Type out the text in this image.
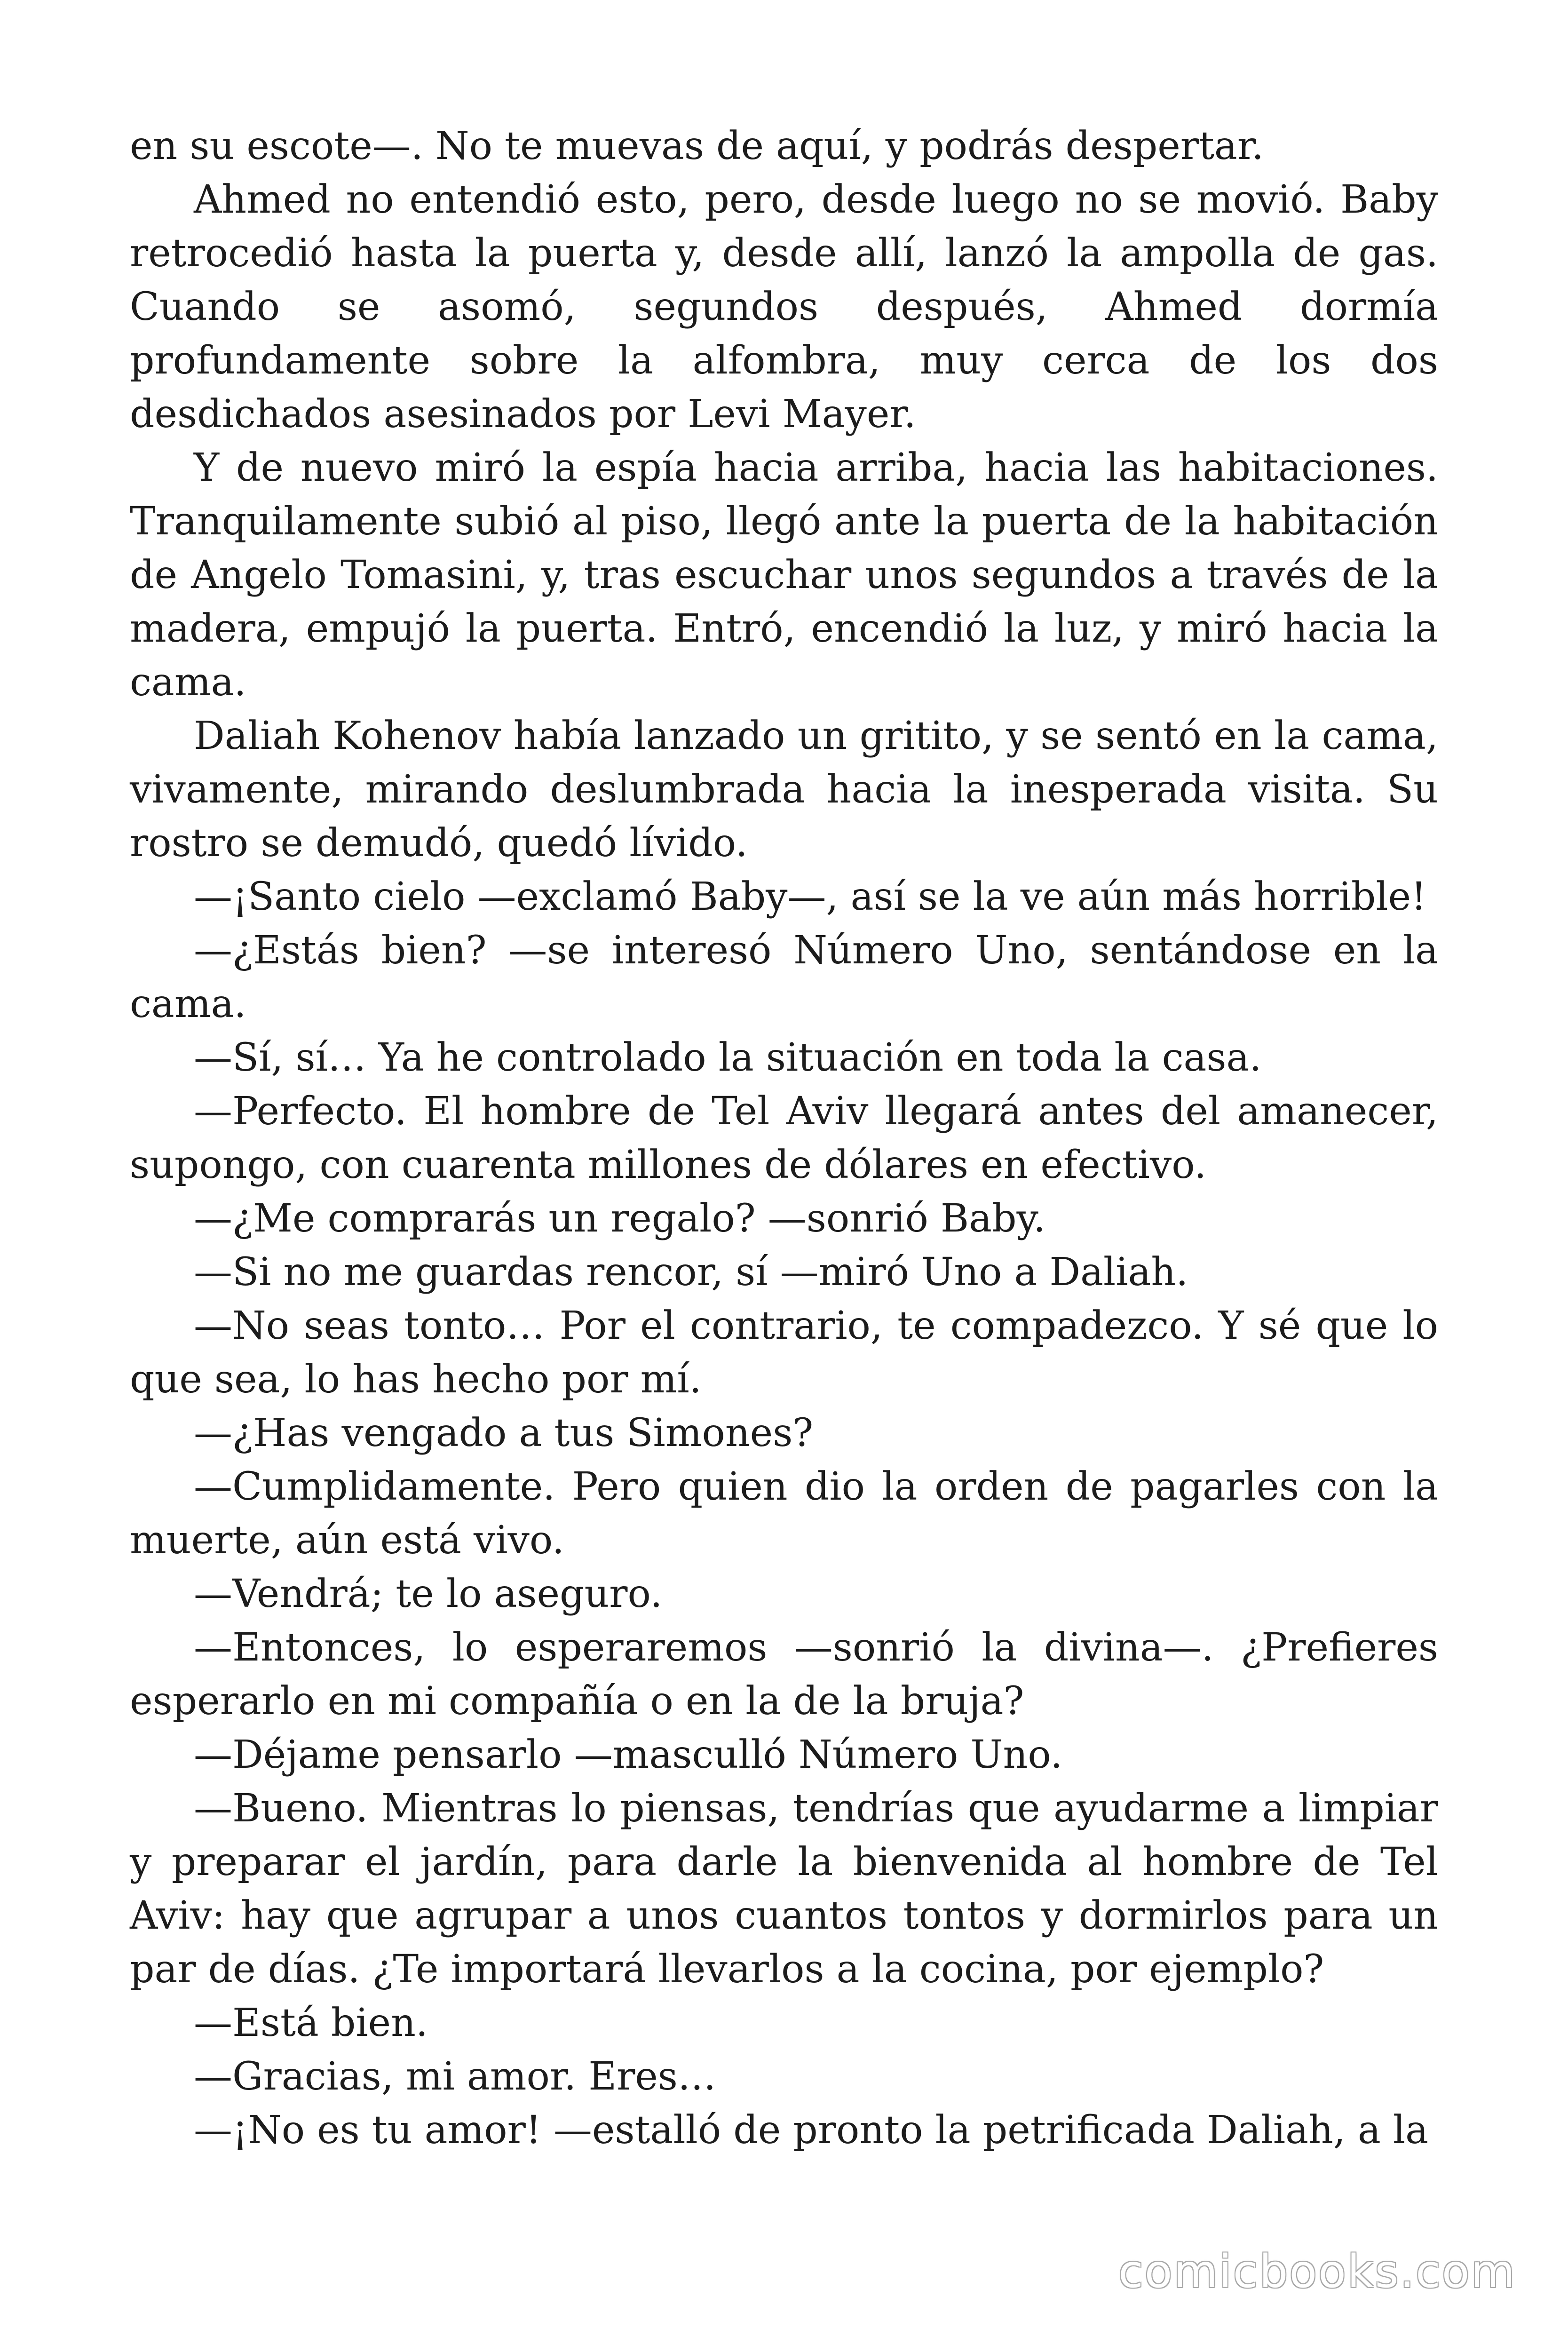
en su escote—. No te muevas de aquí, y podrás despertar.

Ahmed no entendió esto, pero, desde luego no se movió. Baby retrocedió hasta la puerta y, desde allí, lanzó la ampolla de gas. Cuando se asomó, segundos después, Ahmed dormía profundamente sobre la alfombra, muy cerca de los dos desdichados asesinados por Levi Mayer.

Y de nuevo miró la espía hacia arriba, hacia las habitaciones. Tranquilamente subió al piso, llegó ante la puerta de la habitación de Angelo Tomasini, y, tras escuchar unos segundos a través de la madera, empujó la puerta. Entró, encendió la luz, y miró hacia la cama.

Daliah Kohenov había lanzado un gritito, y se sentó en la cama, vivamente, mirando deslumbrada hacia la inesperada visita. Su rostro se demudó, quedó lívido.

—¡Santo cielo —exclamó Baby—, así se la ve aún más horrible!

—¿Estás bien? —se interesó Número Uno, sentándose en la cama.

—Sí, sí… Ya he controlado la situación en toda la casa.

—Perfecto. El hombre de Tel Aviv llegará antes del amanecer, supongo, con cuarenta millones de dólares en efectivo.

—¿Me comprarás un regalo? —sonrió Baby.

—Si no me guardas rencor, sí —miró Uno a Daliah.

—No seas tonto… Por el contrario, te compadezco. Y sé que lo que sea, lo has hecho por mí.

—¿Has vengado a tus Simones?

—Cumplidamente. Pero quien dio la orden de pagarles con la muerte, aún está vivo.

—Vendrá; te lo aseguro.

—Entonces, lo esperaremos —sonrió la divina—. ¿Prefieres esperarlo en mi compañía o en la de la bruja?

—Déjame pensarlo —masculló Número Uno.

—Bueno. Mientras lo piensas, tendrías que ayudarme a limpiar y preparar el jardín, para darle la bienvenida al hombre de Tel Aviv: hay que agrupar a unos cuantos tontos y dormirlos para un par de días. ¿Te importará llevarlos a la cocina, por ejemplo?

—Está bien.

—Gracias, mi amor. Eres…

—¡No es tu amor! —estalló de pronto la petrificada Daliah, a la

comicbooks.com
